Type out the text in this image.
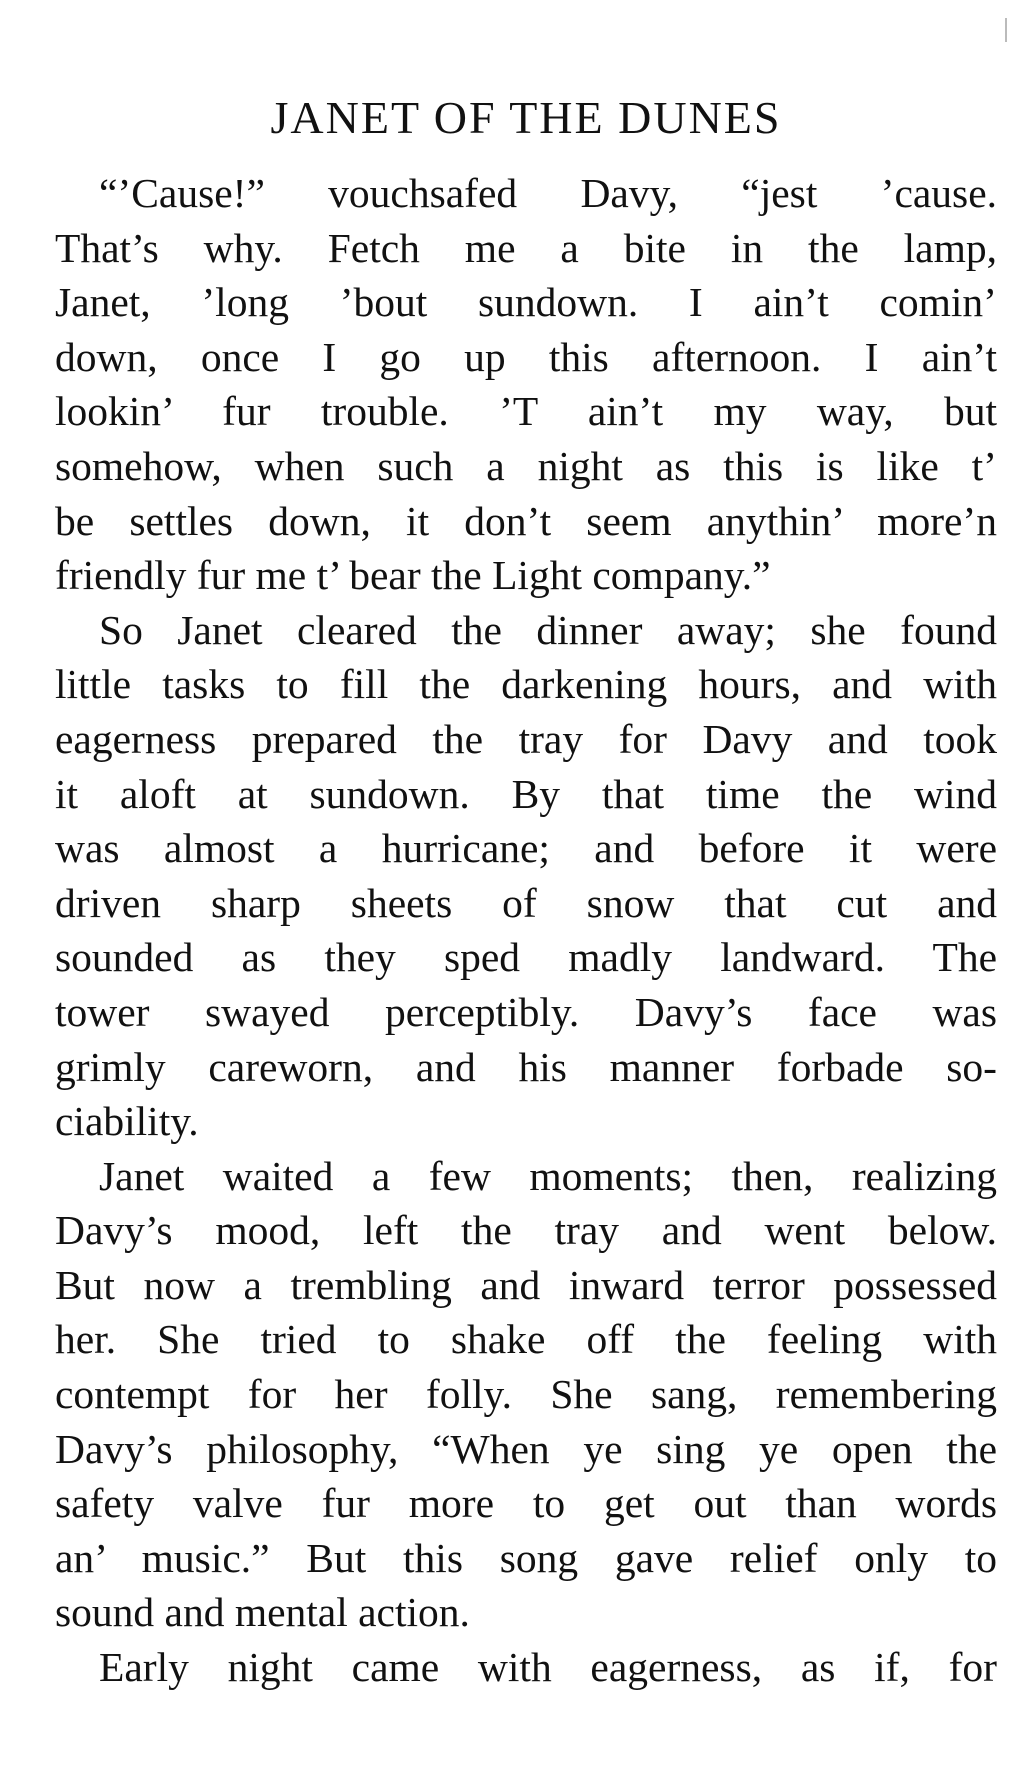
JANET OF THE DUNES
“’Cause!” vouchsafed Davy, “jest ’cause.
That’s why. Fetch me a bite in the lamp,
Janet, ’long ’bout sundown. I ain’t comin’
down, once I go up this afternoon. I ain’t
lookin’ fur trouble. ’T ain’t my way, but
somehow, when such a night as this is like t’
be settles down, it don’t seem anythin’ more’n
friendly fur me t’ bear the Light company.”
So Janet cleared the dinner away; she found
little tasks to fill the darkening hours, and with
eagerness prepared the tray for Davy and took
it aloft at sundown. By that time the wind
was almost a hurricane; and before it were
driven sharp sheets of snow that cut and
sounded as they sped madly landward. The
tower swayed perceptibly. Davy’s face was
grimly careworn, and his manner forbade so-
ciability.
Janet waited a few moments; then, realizing
Davy’s mood, left the tray and went below.
But now a trembling and inward terror possessed
her. She tried to shake off the feeling with
contempt for her folly. She sang, remembering
Davy’s philosophy, “When ye sing ye open the
safety valve fur more to get out than words
an’ music.” But this song gave relief only to
sound and mental action.
Early night came with eagerness, as if, for
